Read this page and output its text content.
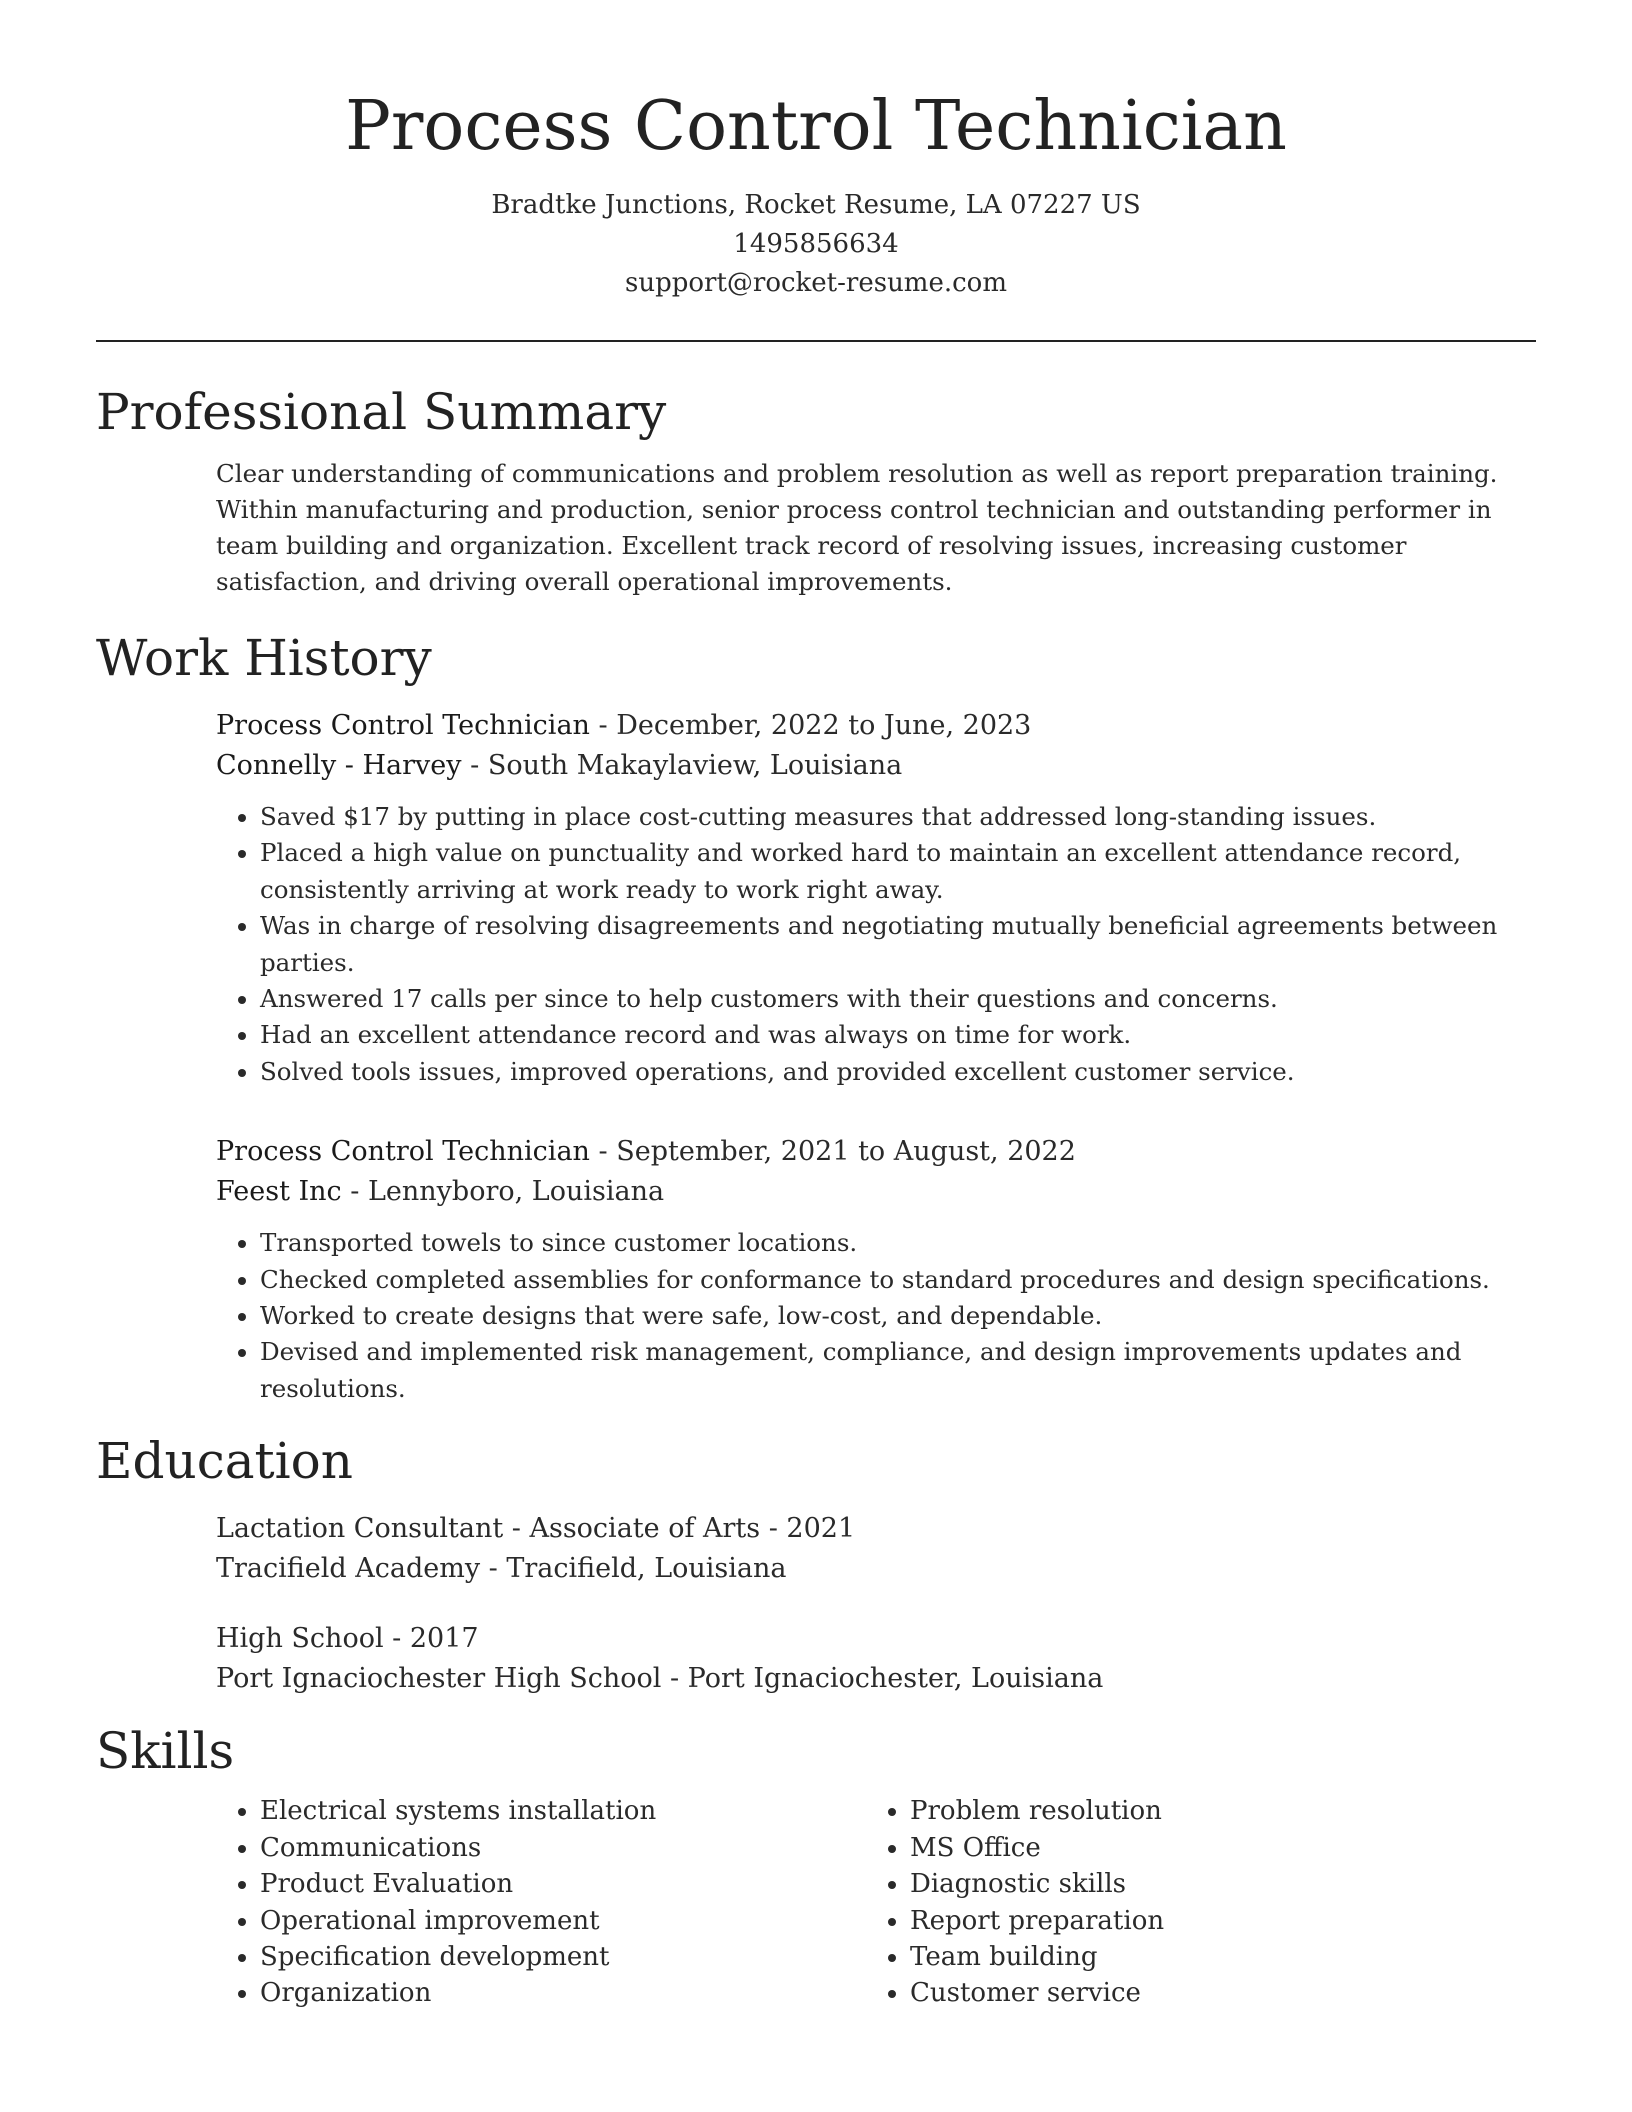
Process Control Technician
Bradtke Junctions, Rocket Resume, LA 07227 US
1495856634
support@rocket-resume.com
Professional Summary

Clear understanding of communications and problem resolution as well as report preparation training. Within manufacturing and production, senior process control technician and outstanding performer in team building and organization. Excellent track record of resolving issues, increasing customer satisfaction, and driving overall operational improvements.

Work History
Process Control Technician - December, 2022 to June, 2023
Connelly - Harvey - South Makaylaview, Louisiana
• Saved $17 by putting in place cost-cutting measures that addressed long-standing issues.
• Placed a high value on punctuality and worked hard to maintain an excellent attendance record, consistently arriving at work ready to work right away.
• Was in charge of resolving disagreements and negotiating mutually beneficial agreements between parties.
• Answered 17 calls per since to help customers with their questions and concerns.
• Had an excellent attendance record and was always on time for work.
• Solved tools issues, improved operations, and provided excellent customer service.
Process Control Technician - September, 2021 to August, 2022
Feest Inc - Lennyboro, Louisiana
• Transported towels to since customer locations.
• Checked completed assemblies for conformance to standard procedures and design specifications.
• Worked to create designs that were safe, low-cost, and dependable.
• Devised and implemented risk management, compliance, and design improvements updates and resolutions.
Education
Lactation Consultant - Associate of Arts - 2021
Tracifield Academy - Tracifield, Louisiana
High School - 2017
Port Ignaciochester High School - Port Ignaciochester, Louisiana
Skills
• Electrical systems installation
• Communications
• Product Evaluation
• Operational improvement
• Specification development
• Organization
• Problem resolution
• MS Office
• Diagnostic skills
• Report preparation
• Team building
• Customer service
